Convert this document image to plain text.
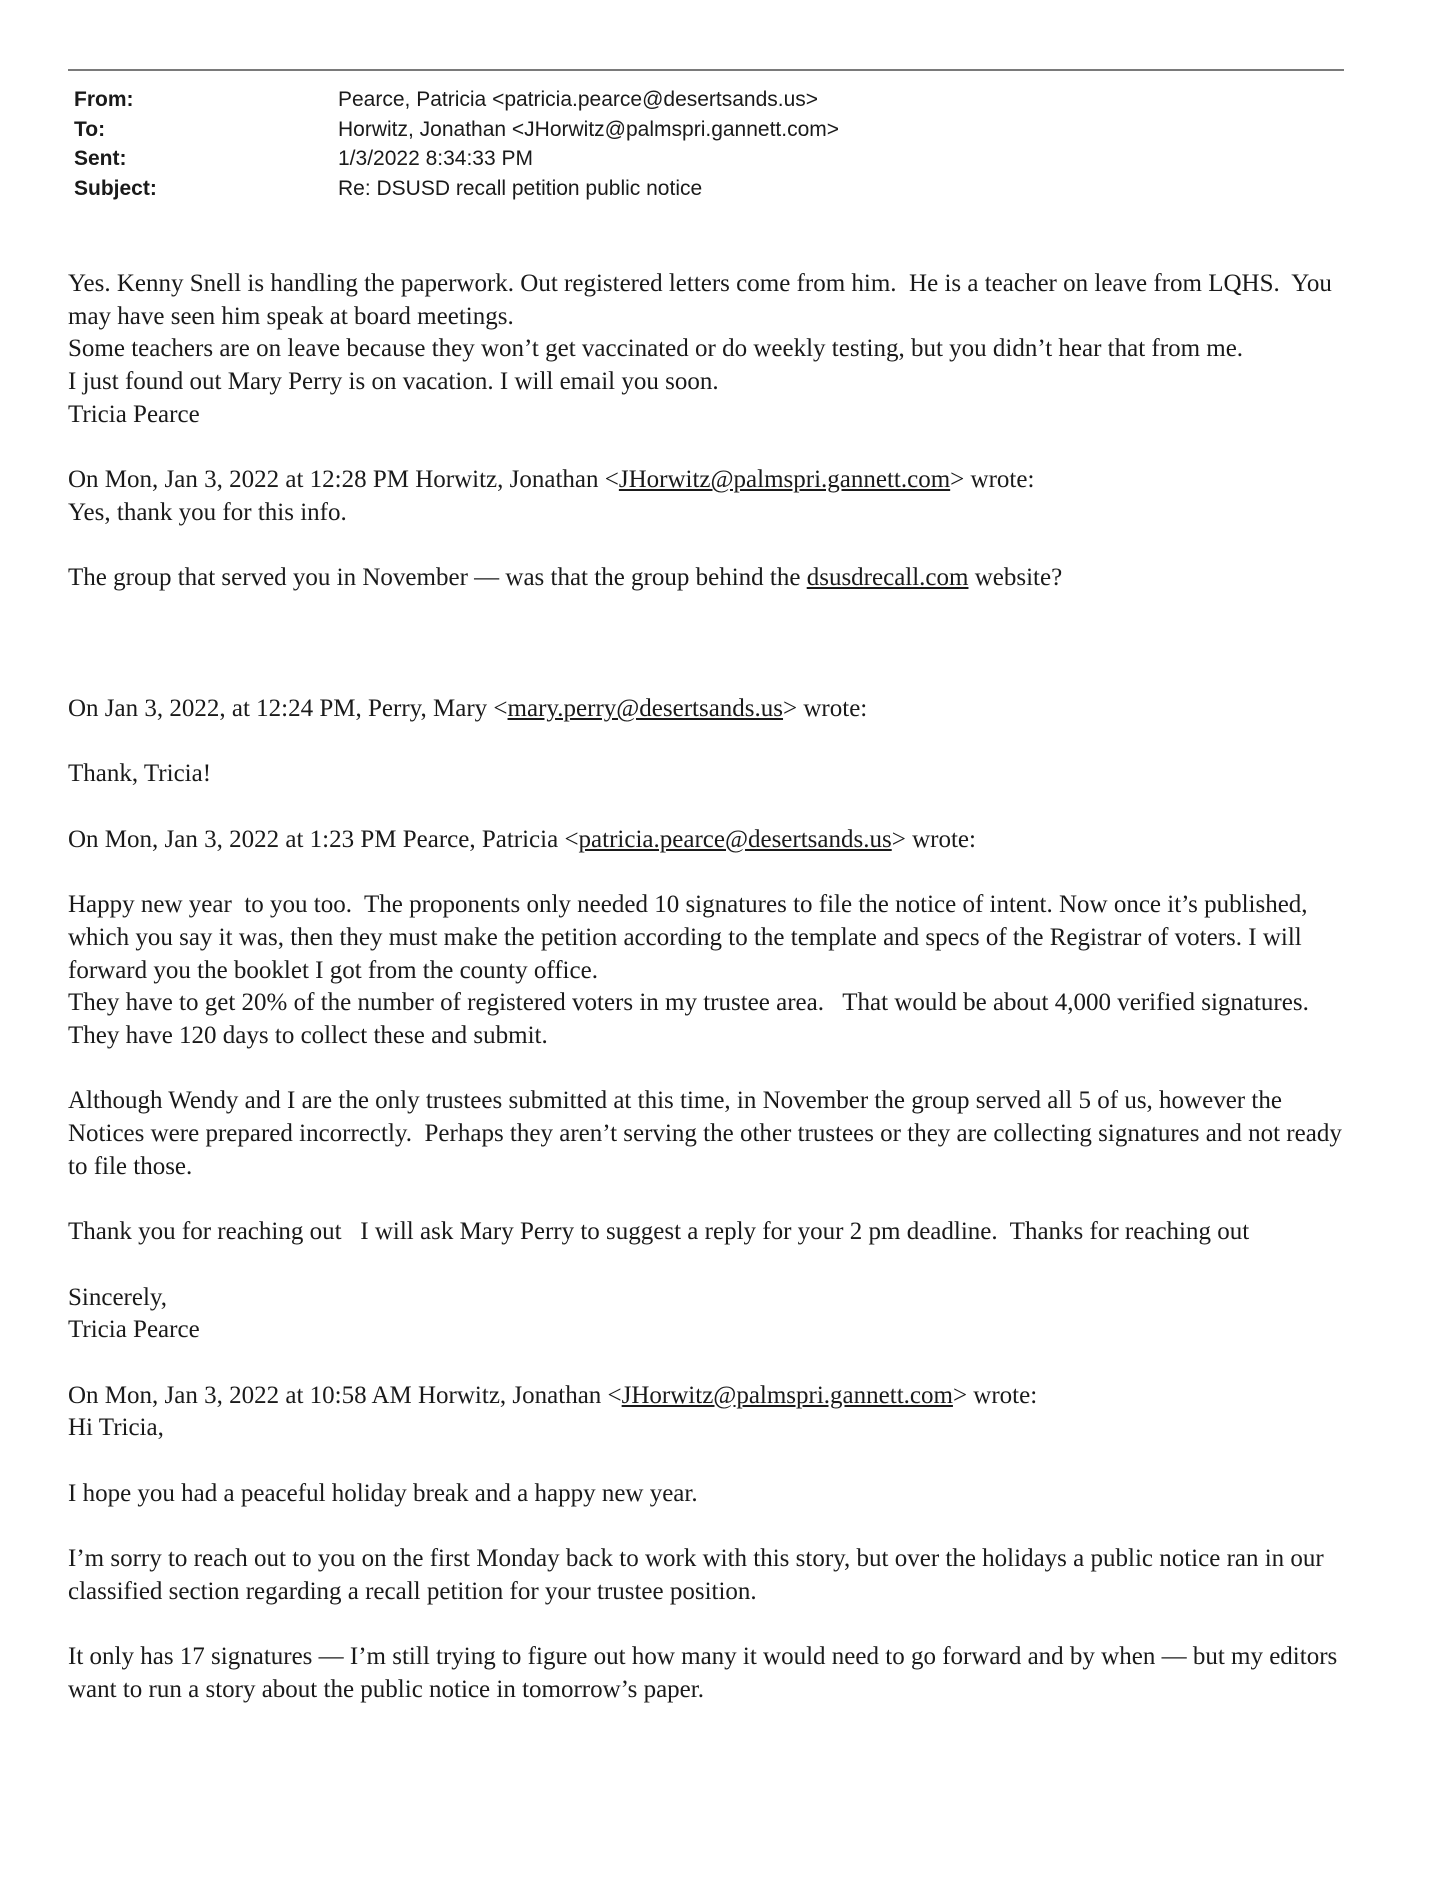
From:	Pearce, Patricia <patricia.pearce@desertsands.us>
To:	Horwitz, Jonathan <JHorwitz@palmspri.gannett.com>
Sent:	1/3/2022 8:34:33 PM
Subject:	Re: DSUSD recall petition public notice

Yes. Kenny Snell is handling the paperwork. Out registered letters come from him.  He is a teacher on leave from LQHS.  You may have seen him speak at board meetings.

Some teachers are on leave because they won’t get vaccinated or do weekly testing, but you didn’t hear that from me.

I just found out Mary Perry is on vacation. I will email you soon.

Tricia Pearce

On Mon, Jan 3, 2022 at 12:28 PM Horwitz, Jonathan <JHorwitz@palmspri.gannett.com> wrote:

Yes, thank you for this info.

The group that served you in November — was that the group behind the dsusdrecall.com website?

On Jan 3, 2022, at 12:24 PM, Perry, Mary <mary.perry@desertsands.us> wrote:

Thank, Tricia!

On Mon, Jan 3, 2022 at 1:23 PM Pearce, Patricia <patricia.pearce@desertsands.us> wrote:

Happy new year  to you too.  The proponents only needed 10 signatures to file the notice of intent. Now once it’s published, which you say it was, then they must make the petition according to the template and specs of the Registrar of voters. I will forward you the booklet I got from the county office.

They have to get 20% of the number of registered voters in my trustee area.   That would be about 4,000 verified signatures.   They have 120 days to collect these and submit.

Although Wendy and I are the only trustees submitted at this time, in November the group served all 5 of us, however the Notices were prepared incorrectly.  Perhaps they aren’t serving the other trustees or they are collecting signatures and not ready to file those.

Thank you for reaching out   I will ask Mary Perry to suggest a reply for your 2 pm deadline.  Thanks for reaching out

Sincerely,

Tricia Pearce

On Mon, Jan 3, 2022 at 10:58 AM Horwitz, Jonathan <JHorwitz@palmspri.gannett.com> wrote:

Hi Tricia,

I hope you had a peaceful holiday break and a happy new year.

I’m sorry to reach out to you on the first Monday back to work with this story, but over the holidays a public notice ran in our classified section regarding a recall petition for your trustee position.

It only has 17 signatures — I’m still trying to figure out how many it would need to go forward and by when — but my editors want to run a story about the public notice in tomorrow’s paper.
